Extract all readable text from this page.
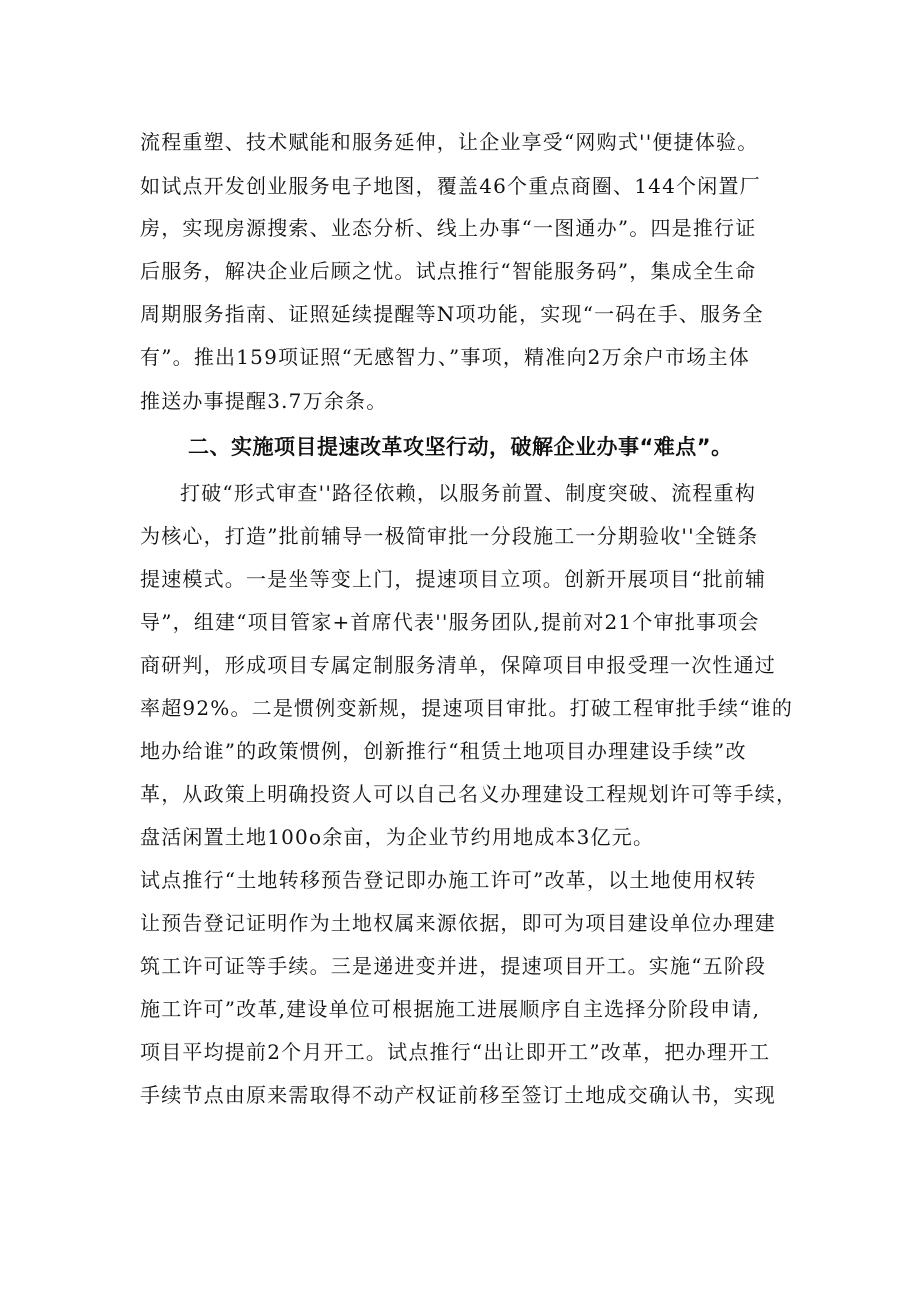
流程重塑、技术赋能和服务延伸，让企业享受“网购式''便捷体验。
如试点开发创业服务电子地图，覆盖46个重点商圈、144个闲置厂
房，实现房源搜索、业态分析、线上办事“一图通办”。四是推行证
后服务，解决企业后顾之忧。试点推行“智能服务码”，集成全生命
周期服务指南、证照延续提醒等N项功能，实现“一码在手、服务全
有”。推出159项证照“无感智力、”事项，精准向2万余户市场主体
推送办事提醒3.7万余条。
二、实施项目提速改革攻坚行动，破解企业办事“难点”。
打破“形式审查''路径依赖，以服务前置、制度突破、流程重构
为核心，打造”批前辅导一极简审批一分段施工一分期验收''全链条
提速模式。一是坐等变上门，提速项目立项。创新开展项目“批前辅
导”，组建“项目管家+首席代表''服务团队,提前对21个审批事项会
商研判，形成项目专属定制服务清单，保障项目申报受理一次性通过
率超92%。二是惯例变新规，提速项目审批。打破工程审批手续“谁的
地办给谁”的政策惯例，创新推行“租赁土地项目办理建设手续”改
革，从政策上明确投资人可以自己名义办理建设工程规划许可等手续，
盘活闲置土地100o余亩，为企业节约用地成本3亿元。
试点推行“土地转移预告登记即办施工许可”改革，以土地使用权转
让预告登记证明作为土地权属来源依据，即可为项目建设单位办理建
筑工许可证等手续。三是递进变并进，提速项目开工。实施“五阶段
施工许可”改革,建设单位可根据施工进展顺序自主选择分阶段申请,
项目平均提前2个月开工。试点推行“出让即开工”改革，把办理开工
手续节点由原来需取得不动产权证前移至签订土地成交确认书，实现
